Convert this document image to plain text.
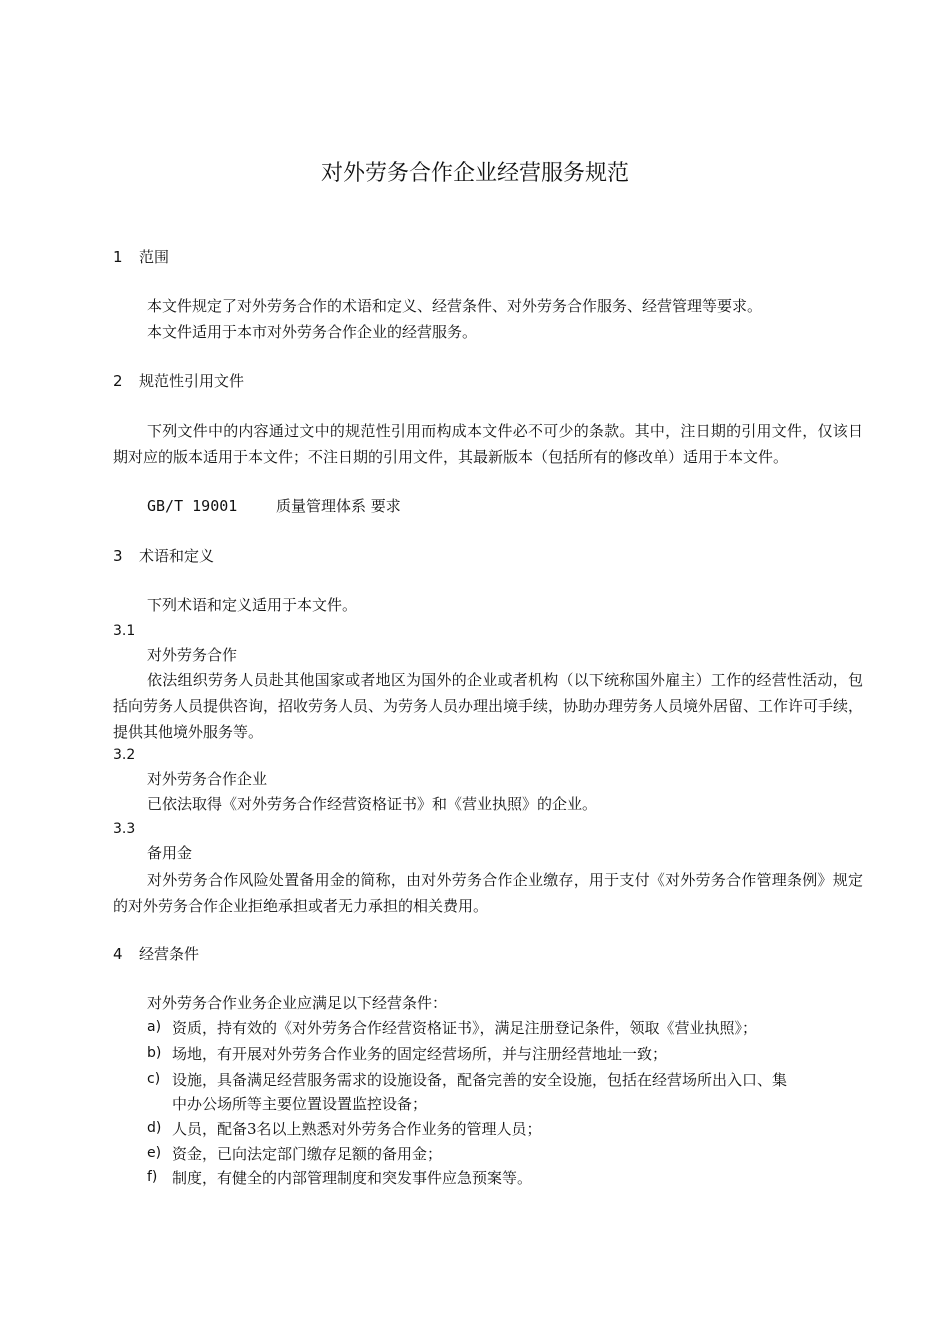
对外劳务合作企业经营服务规范
1 范围
本文件规定了对外劳务合作的术语和定义、经营条件、对外劳务合作服务、经营管理等要求。
本文件适用于本市对外劳务合作企业的经营服务。
2 规范性引用文件
下列文件中的内容通过文中的规范性引用而构成本文件必不可少的条款。其中，注日期的引用文件，仅该日期对应的版本适用于本文件；不注日期的引用文件，其最新版本（包括所有的修改单）适用于本文件。
GB/T 19001	质量管理体系 要求
3 术语和定义
下列术语和定义适用于本文件。
3.1
对外劳务合作
依法组织劳务人员赴其他国家或者地区为国外的企业或者机构（以下统称国外雇主）工作的经营性活动，包括向劳务人员提供咨询，招收劳务人员、为劳务人员办理出境手续，协助办理劳务人员境外居留、工作许可手续，提供其他境外服务等。
3.2
对外劳务合作企业
已依法取得《对外劳务合作经营资格证书》和《营业执照》的企业。
3.3
备用金
对外劳务合作风险处置备用金的简称，由对外劳务合作企业缴存，用于支付《对外劳务合作管理条例》规定的对外劳务合作企业拒绝承担或者无力承担的相关费用。
4 经营条件
对外劳务合作业务企业应满足以下经营条件：
a) 资质，持有效的《对外劳务合作经营资格证书》，满足注册登记条件，领取《营业执照》；
b) 场地，有开展对外劳务合作业务的固定经营场所，并与注册经营地址一致；
c) 设施，具备满足经营服务需求的设施设备，配备完善的安全设施，包括在经营场所出入口、集
中办公场所等主要位置设置监控设备；
d) 人员，配备3名以上熟悉对外劳务合作业务的管理人员；
e) 资金，已向法定部门缴存足额的备用金；
f) 制度，有健全的内部管理制度和突发事件应急预案等。
